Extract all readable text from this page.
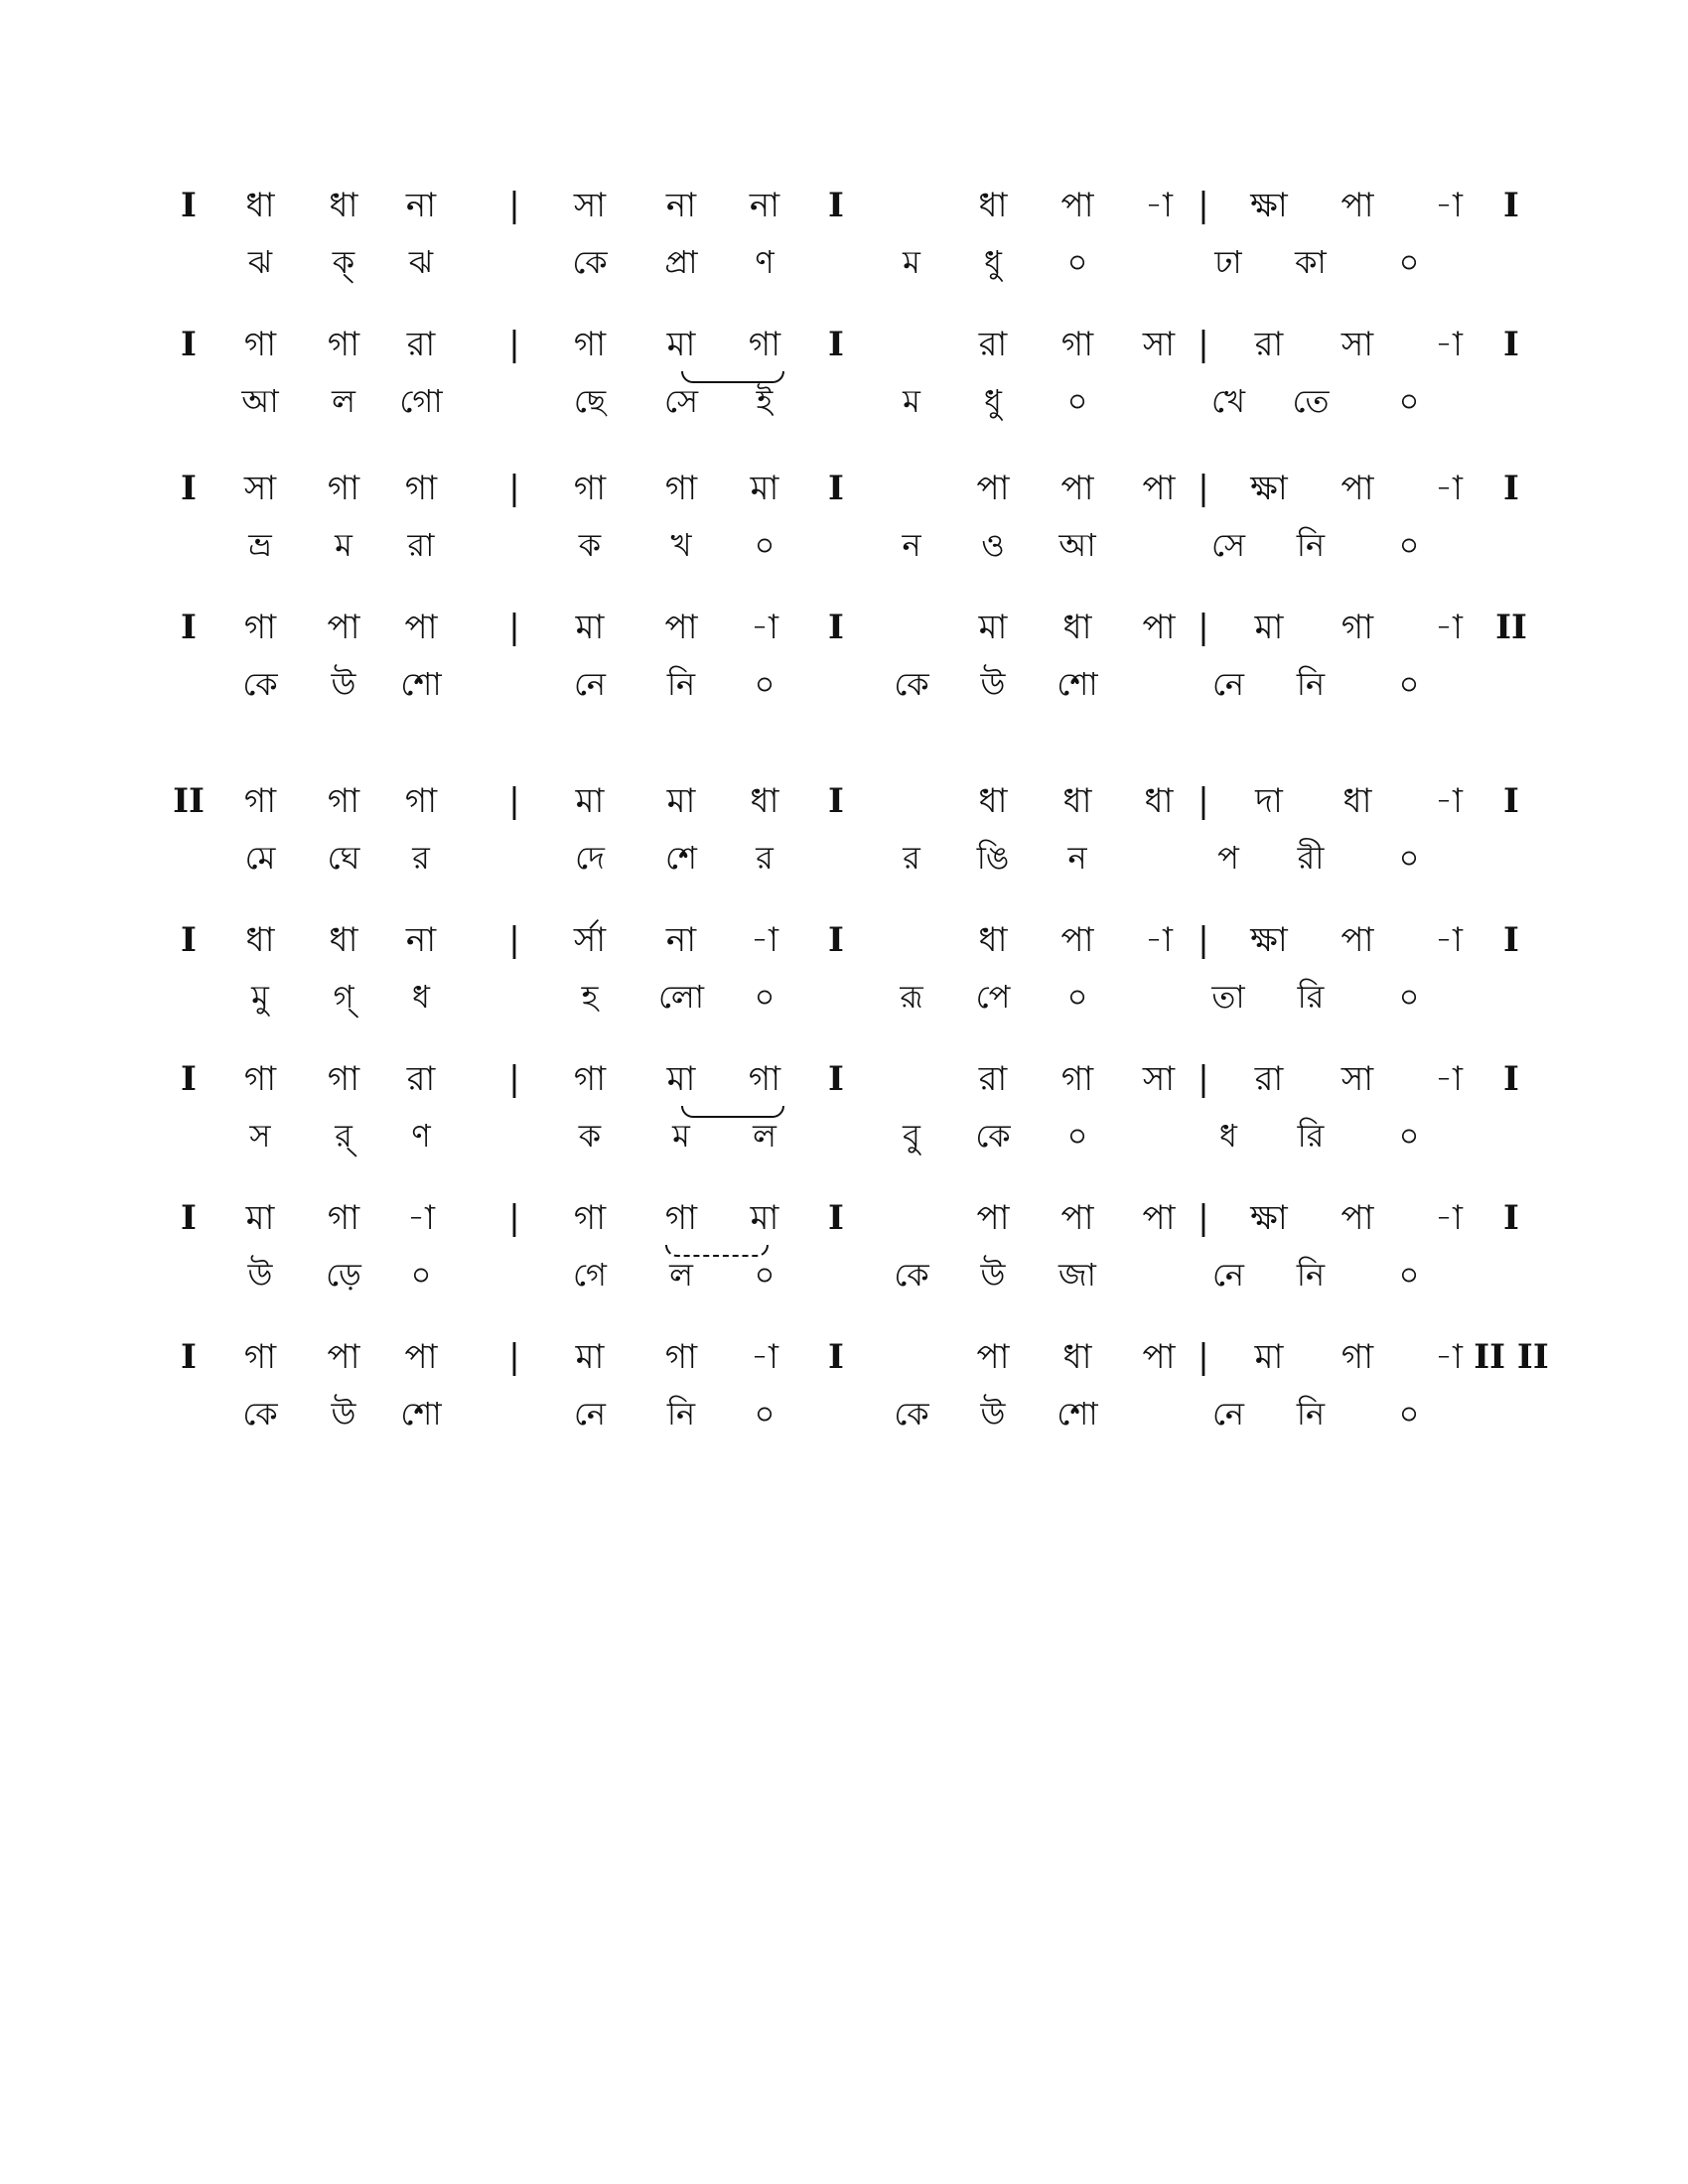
I ধা ধা না | সা না না I	ধা পা -া | ক্ষা পা -া I
ঝ ক্ ঝ	কে প্রা ণ	ম ধু ০	ঢা কা ০
I গা গা রা | গা মা গা I	রা গা সা | রা সা -া I
আ ল গো	ছে সে ই	ম ধু ০	খে তে ০
I সা গা গা | গা গা মা I	পা পা পা | ক্ষা পা -া I
ভ্র ম রা	ক খ ০	ন ও আ	সে নি ০
I গা পা পা | মা পা -া I	মা ধা পা | মা গা -া II
কে উ শো	নে নি ০	কে উ শো	নে নি ০
II গা গা গা | মা মা ধা I	ধা ধা ধা | দা ধা -া I
মে ঘে র	দে শে র	র ঙি ন	প রী ০
I ধা ধা না | র্সা না -া I	ধা পা -া | ক্ষা পা -া I
মু গ্ ধ	হ লো ০	রূ পে ০	তা রি ০
I গা গা রা | গা মা গা I	রা গা সা | রা সা -া I
স র্ ণ	ক ম ল	বু কে ০	ধ রি ০
I মা গা -া | গা গা মা I	পা পা পা | ক্ষা পা -া I
উ ড়ে ০	গে ল ০	কে উ জা	নে নি ০
I গা পা পা | মা গা -া I	পা ধা পা | মা গা -া II II
কে উ শো	নে নি ০	কে উ শো	নে নি ০
